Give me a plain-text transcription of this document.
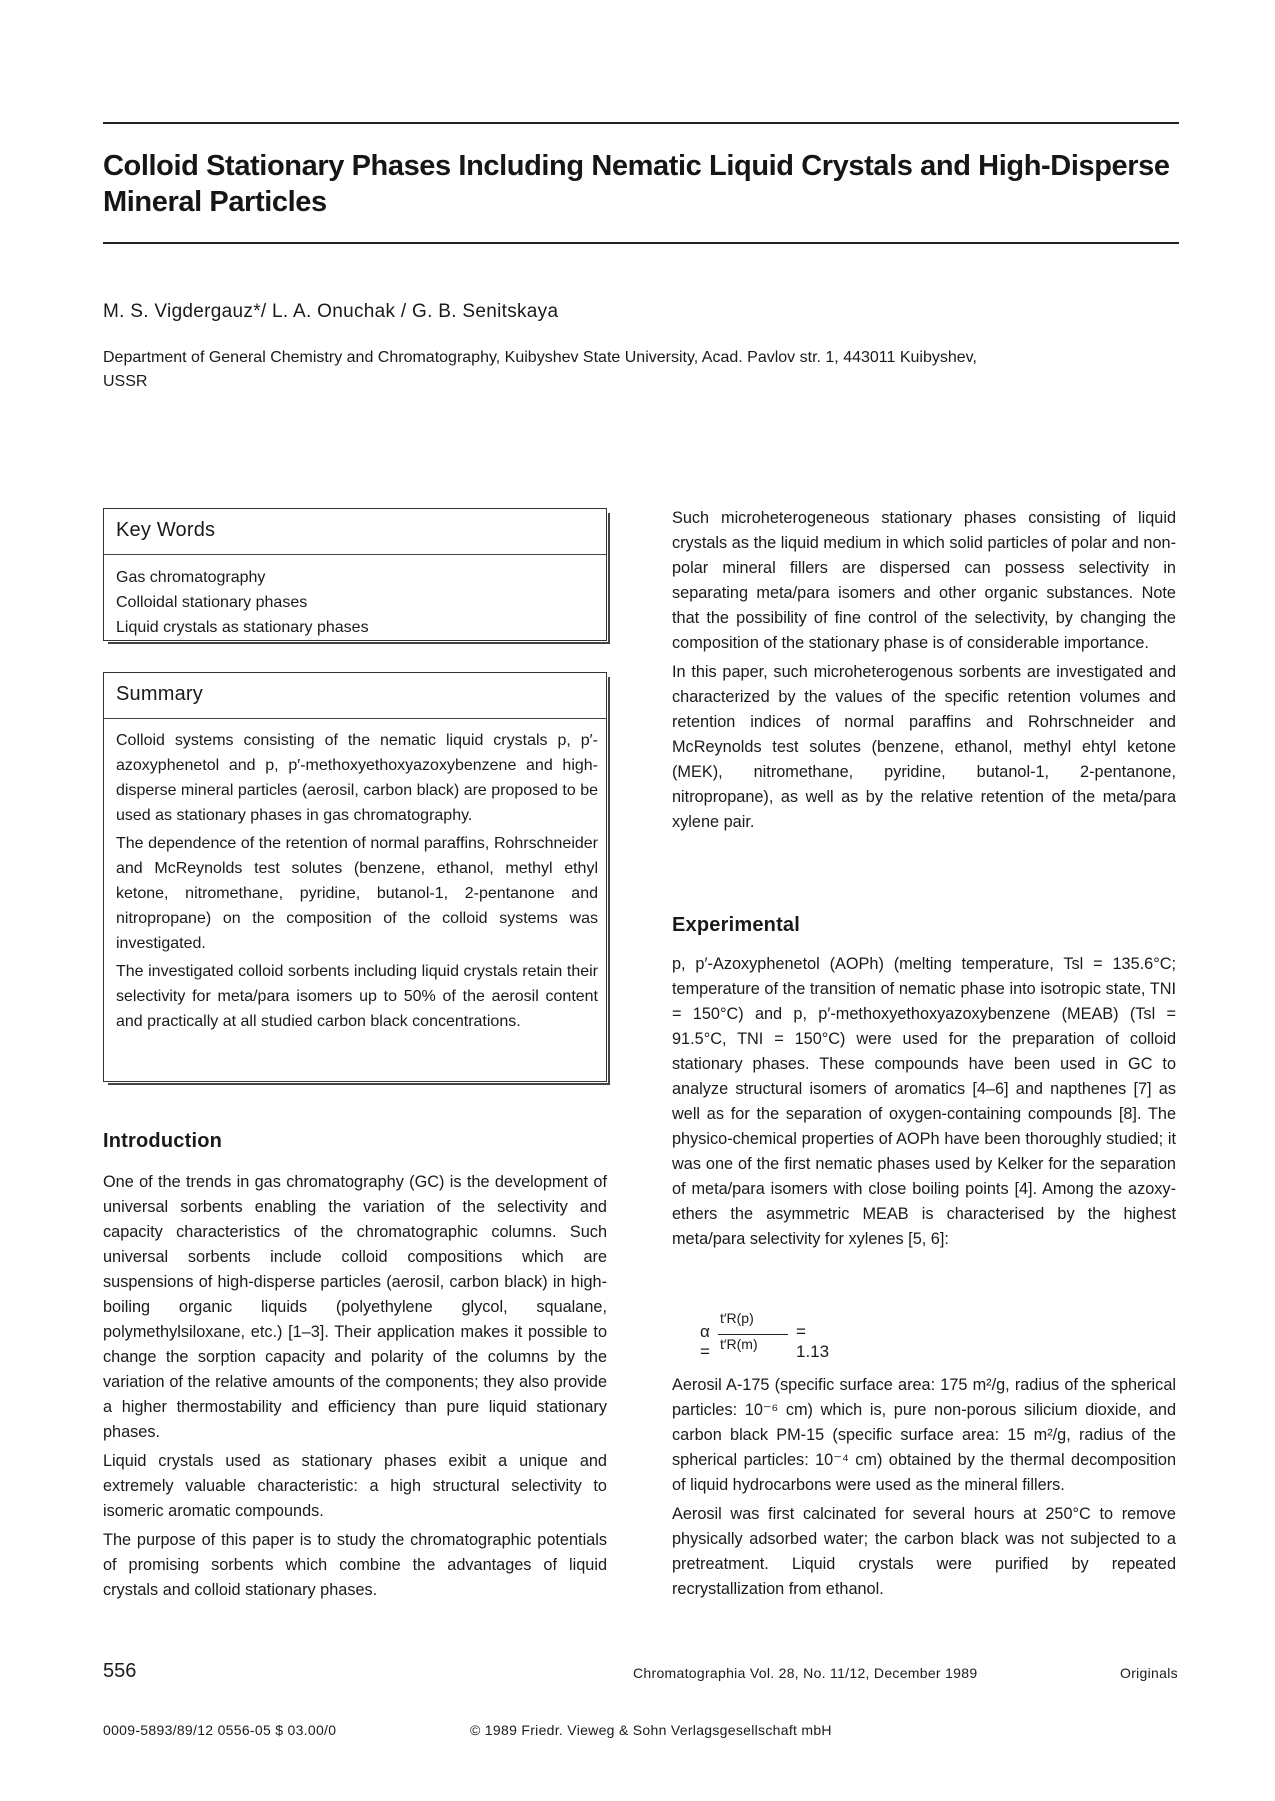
Colloid Stationary Phases Including Nematic Liquid Crystals and High-Disperse Mineral Particles
M. S. Vigdergauz*/ L. A. Onuchak / G. B. Senitskaya
Department of General Chemistry and Chromatography, Kuibyshev State University, Acad. Pavlov str. 1, 443011 Kuibyshev, USSR
Key Words
Gas chromatography
Colloidal stationary phases
Liquid crystals as stationary phases
Summary

Colloid systems consisting of the nematic liquid crystals p, p′-azoxyphenetol and p, p′-methoxyethoxyazoxybenzene and high-disperse mineral particles (aerosil, carbon black) are proposed to be used as stationary phases in gas chromatography.

The dependence of the retention of normal paraffins, Rohrschneider and McReynolds test solutes (benzene, ethanol, methyl ethyl ketone, nitromethane, pyridine, butanol-1, 2-pentanone and nitropropane) on the composition of the colloid systems was investigated.

The investigated colloid sorbents including liquid crystals retain their selectivity for meta/para isomers up to 50% of the aerosil content and practically at all studied carbon black concentrations.

Introduction

One of the trends in gas chromatography (GC) is the development of universal sorbents enabling the variation of the selectivity and capacity characteristics of the chromatographic columns. Such universal sorbents include colloid compositions which are suspensions of high-disperse particles (aerosil, carbon black) in high-boiling organic liquids (polyethylene glycol, squalane, polymethylsiloxane, etc.) [1–3]. Their application makes it possible to change the sorption capacity and polarity of the columns by the variation of the relative amounts of the components; they also provide a higher thermostability and efficiency than pure liquid stationary phases.

Liquid crystals used as stationary phases exibit a unique and extremely valuable characteristic: a high structural selectivity to isomeric aromatic compounds.

The purpose of this paper is to study the chromatographic potentials of promising sorbents which combine the advantages of liquid crystals and colloid stationary phases.

Such microheterogeneous stationary phases consisting of liquid crystals as the liquid medium in which solid particles of polar and non-polar mineral fillers are dispersed can possess selectivity in separating meta/para isomers and other organic substances. Note that the possibility of fine control of the selectivity, by changing the composition of the stationary phase is of considerable importance.

In this paper, such microheterogenous sorbents are investigated and characterized by the values of the specific retention volumes and retention indices of normal paraffins and Rohrschneider and McReynolds test solutes (benzene, ethanol, methyl ehtyl ketone (MEK), nitromethane, pyridine, butanol-1, 2-pentanone, nitropropane), as well as by the relative retention of the meta/para xylene pair.

Experimental

p, p′-Azoxyphenetol (AOPh) (melting temperature, Tsl = 135.6°C; temperature of the transition of nematic phase into isotropic state, TNI = 150°C) and p, p′-methoxyethoxyazoxybenzene (MEAB) (Tsl = 91.5°C, TNI = 150°C) were used for the preparation of colloid stationary phases. These compounds have been used in GC to analyze structural isomers of aromatics [4–6] and napthenes [7] as well as for the separation of oxygen-containing compounds [8]. The physico-chemical properties of AOPh have been thoroughly studied; it was one of the first nematic phases used by Kelker for the separation of meta/para isomers with close boiling points [4]. Among the azoxy-ethers the asymmetric MEAB is characterised by the highest meta/para selectivity for xylenes [5, 6]:

α =
t′R(p)
t′R(m)
= 1.13

Aerosil A-175 (specific surface area: 175 m²/g, radius of the spherical particles: 10⁻⁶ cm) which is, pure non-porous silicium dioxide, and carbon black PM-15 (specific surface area: 15 m²/g, radius of the spherical particles: 10⁻⁴ cm) obtained by the thermal decomposition of liquid hydrocarbons were used as the mineral fillers.

Aerosil was first calcinated for several hours at 250°C to remove physically adsorbed water; the carbon black was not subjected to a pretreatment. Liquid crystals were purified by repeated recrystallization from ethanol.

556	Chromatographia Vol. 28, No. 11/12, December 1989	Originals
0009-5893/89/12 0556-05 $ 03.00/0	© 1989 Friedr. Vieweg & Sohn Verlagsgesellschaft mbH
